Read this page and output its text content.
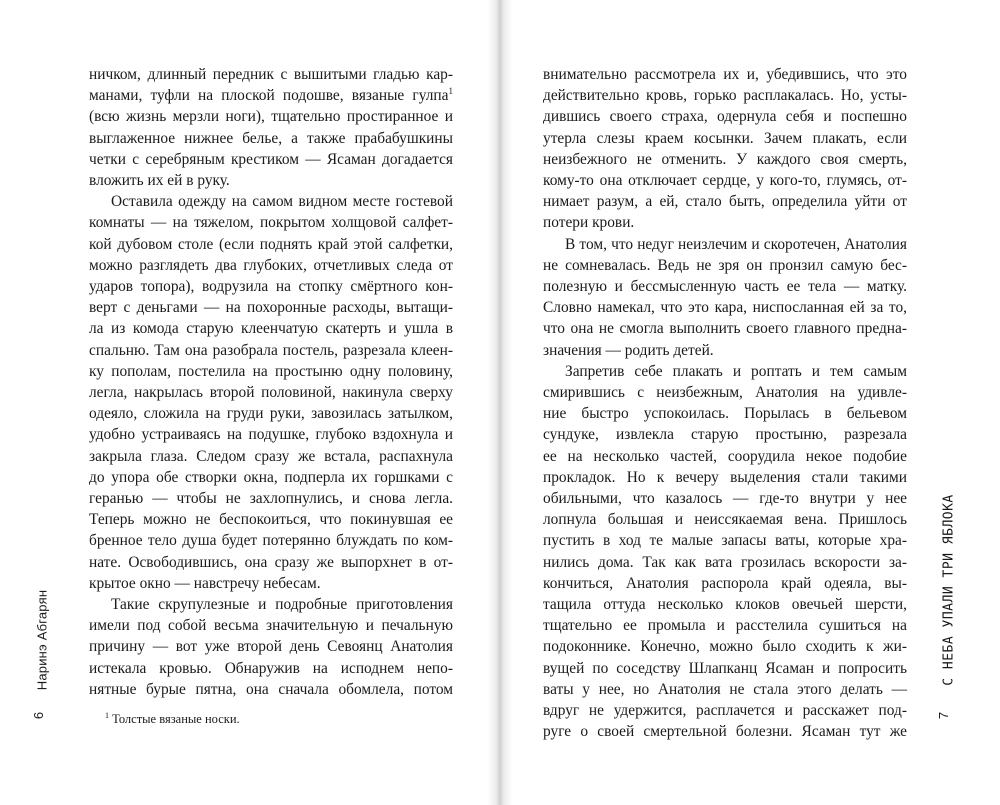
ничком, длинный передник с вышитыми гладью кар-
манами, туфли на плоской подошве, вязаные гулпа$^1$
(всю жизнь мерзли ноги), тщательно простиранное и
выглаженное нижнее белье, а также прабабушкины
четки с серебряным крестиком — Ясаман догадается
вложить их ей в руку.
Оставила одежду на самом видном месте гостевой
комнаты — на тяжелом, покрытом холщовой салфет-
кой дубовом столе (если поднять край этой салфетки,
можно разглядеть два глубоких, отчетливых следа от
ударов топора), водрузила на стопку смёртного кон-
верт с деньгами — на похоронные расходы, вытащи-
ла из комода старую клеенчатую скатерть и ушла в
спальню. Там она разобрала постель, разрезала клеен-
ку пополам, постелила на простыню одну половину,
легла, накрылась второй половиной, накинула сверху
одеяло, сложила на груди руки, завозилась затылком,
удобно устраиваясь на подушке, глубоко вздохнула и
закрыла глаза. Следом сразу же встала, распахнула
до упора обе створки окна, подперла их горшками с
геранью — чтобы не захлопнулись, и снова легла.
Теперь можно не беспокоиться, что покинувшая ее
бренное тело душа будет потерянно блуждать по ком-
нате. Освободившись, она сразу же выпорхнет в от-
крытое окно — навстречу небесам.
Такие скрупулезные и подробные приготовления
имели под собой весьма значительную и печальную
причину — вот уже второй день Севоянц Анатолия
истекала кровью. Обнаружив на исподнем непо-
нятные бурые пятна, она сначала обомлела, потом
внимательно рассмотрела их и, убедившись, что это
действительно кровь, горько расплакалась. Но, усты-
дившись своего страха, одернула себя и поспешно
утерла слезы краем косынки. Зачем плакать, если
неизбежного не отменить. У каждого своя смерть,
кому-то она отключает сердце, у кого-то, глумясь, от-
нимает разум, а ей, стало быть, определила уйти от
потери крови.
В том, что недуг неизлечим и скоротечен, Анатолия
не сомневалась. Ведь не зря он пронзил самую бес-
полезную и бессмысленную часть ее тела — матку.
Словно намекал, что это кара, ниспосланная ей за то,
что она не смогла выполнить своего главного предна-
значения — родить детей.
Запретив себе плакать и роптать и тем самым
смирившись с неизбежным, Анатолия на удивле-
ние быстро успокоилась. Порылась в бельевом
сундуке, извлекла старую простыню, разрезала
ее на несколько частей, соорудила некое подобие
прокладок. Но к вечеру выделения стали такими
обильными, что казалось — где-то внутри у нее
лопнула большая и неиссякаемая вена. Пришлось
пустить в ход те малые запасы ваты, которые хра-
нились дома. Так как вата грозилась вскорости за-
кончиться, Анатолия распорола край одеяла, вы-
тащила оттуда несколько клоков овечьей шерсти,
тщательно ее промыла и расстелила сушиться на
подоконнике. Конечно, можно было сходить к жи-
вущей по соседству Шлапканц Ясаман и попросить
ваты у нее, но Анатолия не стала этого делать —
вдруг не удержится, расплачется и расскажет под-
руге о своей смертельной болезни. Ясаман тут же
$^1$ Толстые вязаные носки.
Наринэ Абгарян
6
С НЕБА УПАЛИ ТРИ ЯБЛОКА
7
